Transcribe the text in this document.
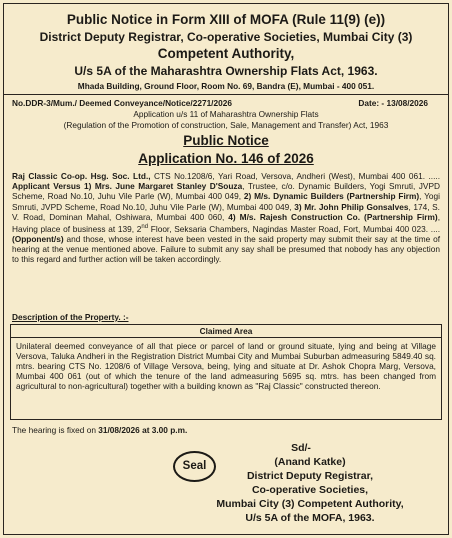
Public Notice in Form XIII of MOFA (Rule 11(9) (e))
District Deputy Registrar, Co-operative Societies, Mumbai City (3)
Competent Authority,
U/s 5A of the Maharashtra Ownership Flats Act, 1963.
Mhada Building, Ground Floor, Room No. 69, Bandra (E), Mumbai - 400 051.
No.DDR-3/Mum./ Deemed Conveyance/Notice/2271/2026	Date: - 13/08/2026
Application u/s 11 of Maharashtra Ownership Flats
(Regulation of the Promotion of construction, Sale, Management and Transfer) Act, 1963
Public Notice
Application No. 146 of 2026
Raj Classic Co-op. Hsg. Soc. Ltd., CTS No.1208/6, Yari Road, Versova, Andheri (West), Mumbai 400 061. ..... Applicant Versus 1) Mrs. June Margaret Stanley D'Souza, Trustee, c/o. Dynamic Builders, Yogi Smruti, JVPD Scheme, Road No.10, Juhu Vile Parle (W), Mumbai 400 049, 2) M/s. Dynamic Builders (Partnership Firm), Yogi Smruti, JVPD Scheme, Road No.10, Juhu Vile Parle (W), Mumbai 400 049, 3) Mr. John Philip Gonsalves, 174, S. V. Road, Dominan Mahal, Oshiwara, Mumbai 400 060, 4) M/s. Rajesh Construction Co. (Partnership Firm), Having place of business at 139, 2nd Floor, Seksaria Chambers, Nagindas Master Road, Fort, Mumbai 400 023. ....(Opponent/s) and those, whose interest have been vested in the said property may submit their say at the time of hearing at the venue mentioned above. Failure to submit any say shall be presumed that nobody has any objection to this regard and further action will be taken accordingly.
Description of the Property. :-
Claimed Area
Unilateral deemed conveyance of all that piece or parcel of land or ground situate, lying and being at Village Versova, Taluka Andheri in the Registration District Mumbai City and Mumbai Suburban admeasuring 5849.40 sq. mtrs. bearing CTS No. 1208/6 of Village Versova, being, lying and situate at Dr. Ashok Chopra Marg, Versova, Mumbai 400 061 (out of which the tenure of the land admeasuring 5695 sq. mtrs. has been changed from agricultural to non-agricultural) together with a building known as "Raj Classic" constructed thereon.
The hearing is fixed on 31/08/2026 at 3.00 p.m.
Sd/-
Seal	(Anand Katke)
District Deputy Registrar,
Co-operative Societies,
Mumbai City (3) Competent Authority,
U/s 5A of the MOFA, 1963.
